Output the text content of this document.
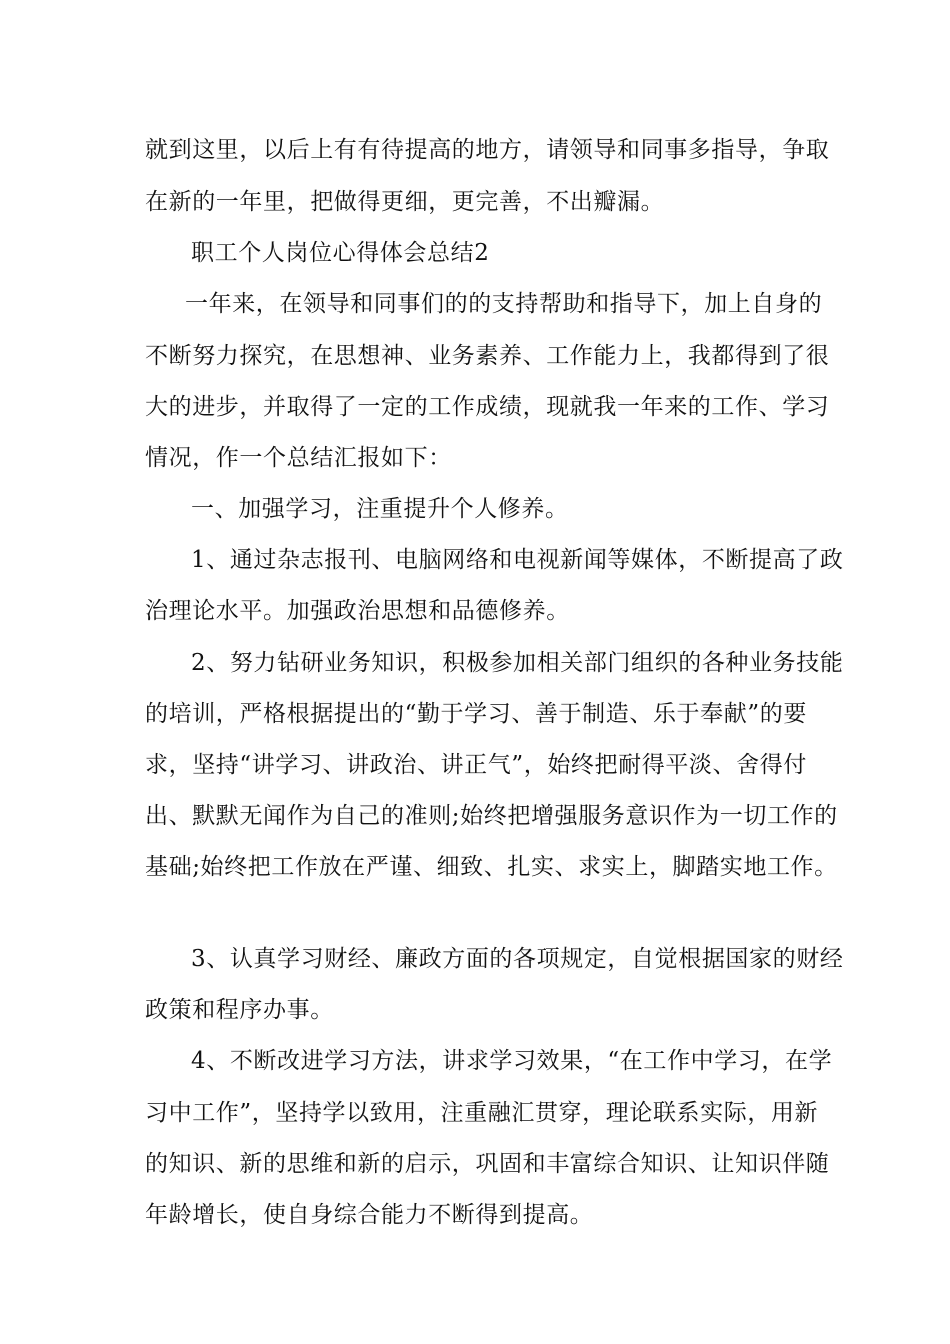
就到这里，以后上有有待提高的地方，请领导和同事多指导，争取
在新的一年里，把做得更细，更完善，不出瓣漏。
职工个人岗位心得体会总结2
一年来，在领导和同事们的的支持帮助和指导下，加上自身的
不断努力探究，在思想神、业务素养、工作能力上，我都得到了很
大的进步，并取得了一定的工作成绩，现就我一年来的工作、学习
情况，作一个总结汇报如下：
一、加强学习，注重提升个人修养。
1、通过杂志报刊、电脑网络和电视新闻等媒体，不断提高了政
治理论水平。加强政治思想和品德修养。
2、努力钻研业务知识，积极参加相关部门组织的各种业务技能
的培训，严格根据提出的“勤于学习、善于制造、乐于奉献”的要
求，坚持“讲学习、讲政治、讲正气”，始终把耐得平淡、舍得付
出、默默无闻作为自己的准则;始终把增强服务意识作为一切工作的
基础;始终把工作放在严谨、细致、扎实、求实上，脚踏实地工作。
3、认真学习财经、廉政方面的各项规定，自觉根据国家的财经
政策和程序办事。
4、不断改进学习方法，讲求学习效果，“在工作中学习，在学
习中工作”，坚持学以致用，注重融汇贯穿，理论联系实际，用新
的知识、新的思维和新的启示，巩固和丰富综合知识、让知识伴随
年龄增长，使自身综合能力不断得到提高。
